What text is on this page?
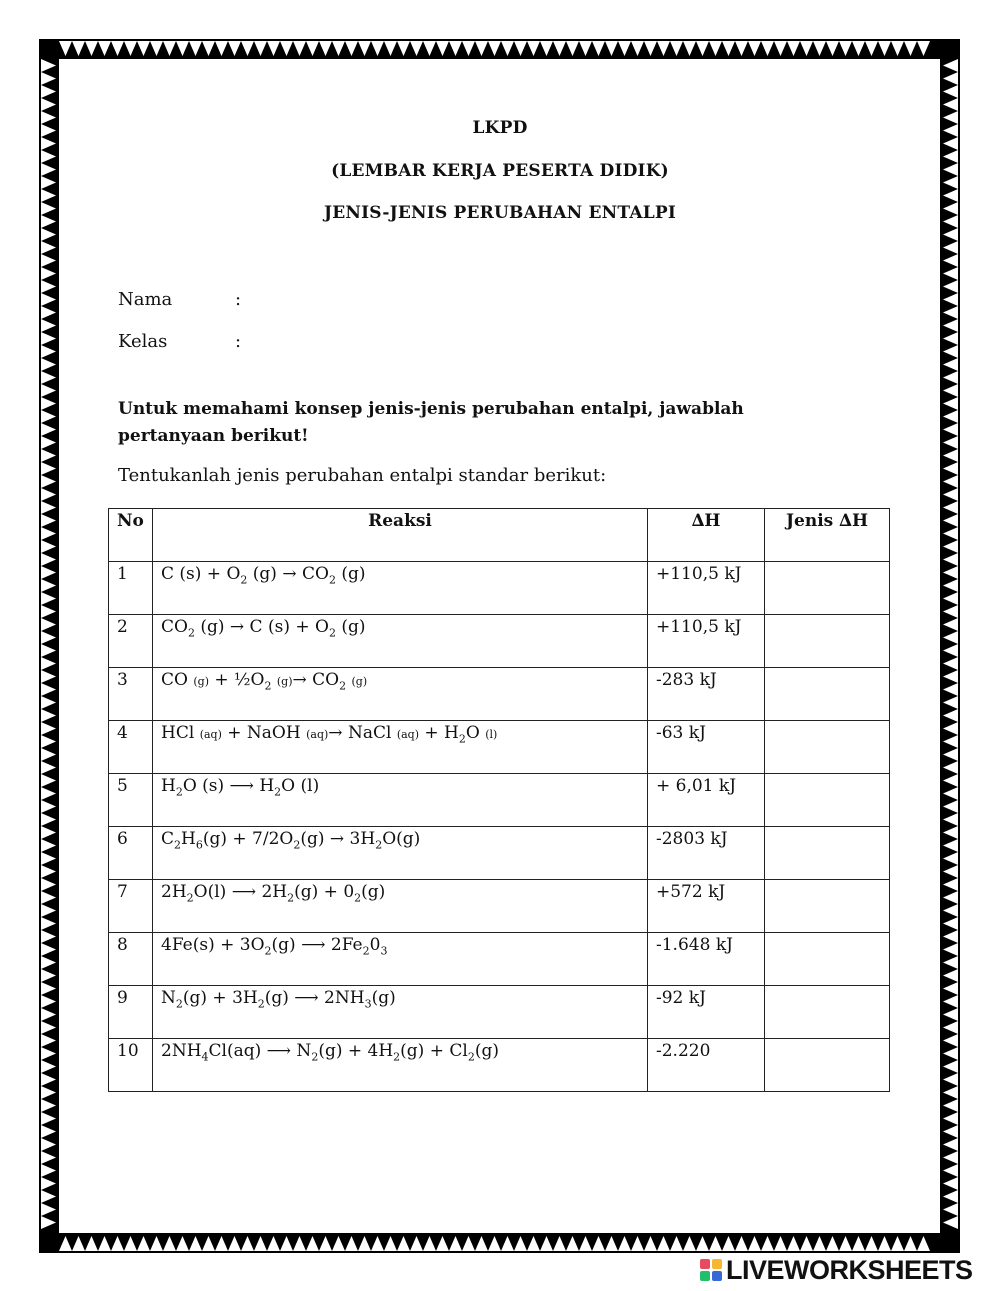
LKPD
(LEMBAR KERJA PESERTA DIDIK)
JENIS-JENIS PERUBAHAN ENTALPI
Nama	:
Kelas	:
Untuk memahami konsep jenis-jenis perubahan entalpi, jawablah pertanyaan berikut!
Tentukanlah jenis perubahan entalpi standar berikut:
No	Reaksi	∆H	Jenis ∆H
1	C $(s) + O_2$ $(g) \to CO_2$ (g)	+110,5 kJ	
2	$CO_2$ (g) → C $(s) + O_2$ (g)	+110,5 kJ	
3	CO $(g) + \frac{1}{2}O_2$ $(g)\to CO_2$ (g)	-283 kJ	
4	HCl (aq) + NaOH (aq)→ NaCl $(aq) + H_2O$ (l)	-63 kJ	
5	$H_2O$ (s) ⟶ $H_2O$ (l)	+ 6,01 kJ	
6	$C_2H_6(g) + 7/2O_2(g) \to 3H_2O(g)$	-2803 kJ	
7	$2H_2O(l)$ ⟶ $2H_2(g) + 0_2(g)$	+572 kJ	
8	$4Fe(s) + 3O_2(g)$ ⟶ $2Fe_20_3$	-1.648 kJ	
9	$N_2(g) + 3H_2(g)$ ⟶ $2NH_3(g)$	-92 kJ	
10	$2NH_4Cl(aq)$ ⟶ $N_2(g) + 4H_2(g) + Cl_2(g)$	-2.220	
LIVEWORKSHEETS
